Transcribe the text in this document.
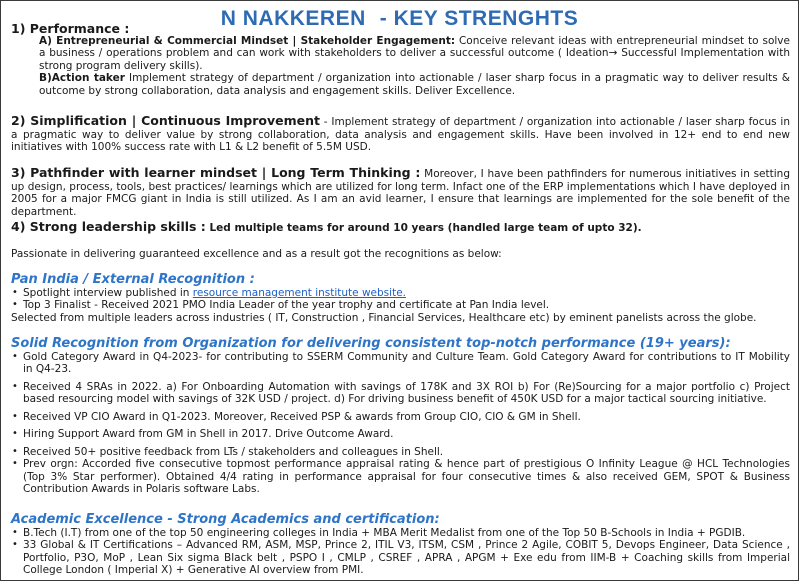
N NAKKEREN - KEY STRENGHTS
1) Performance :
A) Entrepreneurial & Commercial Mindset | Stakeholder Engagement: Conceive relevant ideas with entrepreneurial mindset to solve a business / operations problem and can work with stakeholders to deliver a successful outcome ( Ideation→ Successful Implementation with strong program delivery skills).
B)Action taker Implement strategy of department / organization into actionable / laser sharp focus in a pragmatic way to deliver results & outcome by strong collaboration, data analysis and engagement skills. Deliver Excellence.
2) Simplification | Continuous Improvement - Implement strategy of department / organization into actionable / laser sharp focus in a pragmatic way to deliver value by strong collaboration, data analysis and engagement skills. Have been involved in 12+ end to end new initiatives with 100% success rate with L1 & L2 benefit of 5.5M USD.
3) Pathfinder with learner mindset | Long Term Thinking : Moreover, I have been pathfinders for numerous initiatives in setting up design, process, tools, best practices/ learnings which are utilized for long term. Infact one of the ERP implementations which I have deployed in 2005 for a major FMCG giant in India is still utilized. As I am an avid learner, I ensure that learnings are implemented for the sole benefit of the department.
4) Strong leadership skills : Led multiple teams for around 10 years (handled large team of upto 32).
Passionate in delivering guaranteed excellence and as a result got the recognitions as below:
Pan India / External Recognition :
• Spotlight interview published in resource management institute website.
• Top 3 Finalist - Received 2021 PMO India Leader of the year trophy and certificate at Pan India level.
Selected from multiple leaders across industries ( IT, Construction , Financial Services, Healthcare etc) by eminent panelists across the globe.
Solid Recognition from Organization for delivering consistent top-notch performance (19+ years):
• Gold Category Award in Q4-2023- for contributing to SSERM Community and Culture Team. Gold Category Award for contributions to IT Mobility in Q4-23.
• Received 4 SRAs in 2022. a) For Onboarding Automation with savings of 178K and 3X ROI b) For (Re)Sourcing for a major portfolio c) Project based resourcing model with savings of 32K USD / project. d) For driving business benefit of 450K USD for a major tactical sourcing initiative.
• Received VP CIO Award in Q1-2023. Moreover, Received PSP & awards from Group CIO, CIO & GM in Shell.
• Hiring Support Award from GM in Shell in 2017. Drive Outcome Award.
• Received 50+ positive feedback from LTs / stakeholders and colleagues in Shell.
• Prev orgn: Accorded five consecutive topmost performance appraisal rating & hence part of prestigious O Infinity League @ HCL Technologies (Top 3% Star performer). Obtained 4/4 rating in performance appraisal for four consecutive times & also received GEM, SPOT & Business Contribution Awards in Polaris software Labs.
Academic Excellence - Strong Academics and certification:
• B.Tech (I.T) from one of the top 50 engineering colleges in India + MBA Merit Medalist from one of the Top 50 B-Schools in India + PGDIB.
• 33 Global & IT Certifications – Advanced RM, ASM, MSP, Prince 2, ITIL V3, ITSM, CSM , Prince 2 Agile, COBIT 5, Devops Engineer, Data Science , Portfolio, P3O, MoP , Lean Six sigma Black belt , PSPO I , CMLP , CSREF , APRA , APGM + Exe edu from IIM-B + Coaching skills from Imperial College London ( Imperial X) + Generative AI overview from PMI.
